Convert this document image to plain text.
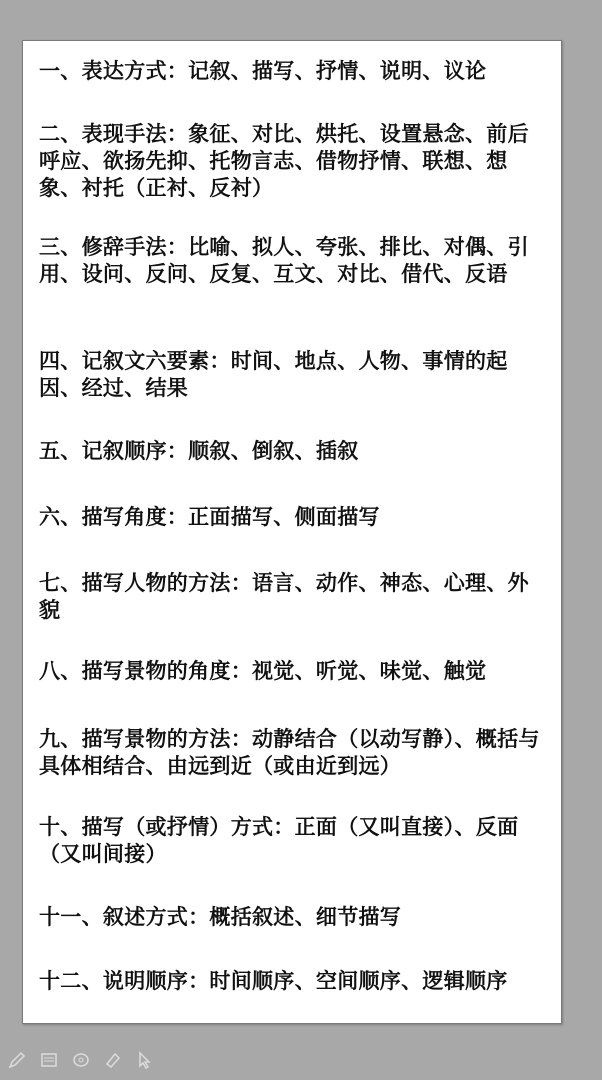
一、表达方式：记叙、描写、抒情、说明、议论

二、表现手法：象征、对比、烘托、设置悬念、前后呼应、欲扬先抑、托物言志、借物抒情、联想、想象、衬托（正衬、反衬）

三、修辞手法：比喻、拟人、夸张、排比、对偶、引用、设问、反问、反复、互文、对比、借代、反语

四、记叙文六要素：时间、地点、人物、事情的起因、经过、结果

五、记叙顺序：顺叙、倒叙、插叙

六、描写角度：正面描写、侧面描写

七、描写人物的方法：语言、动作、神态、心理、外貌

八、描写景物的角度：视觉、听觉、味觉、触觉

九、描写景物的方法：动静结合（以动写静）、概括与具体相结合、由远到近（或由近到远）

十、描写（或抒情）方式：正面（又叫直接）、反面（又叫间接）

十一、叙述方式：概括叙述、细节描写

十二、说明顺序：时间顺序、空间顺序、逻辑顺序
